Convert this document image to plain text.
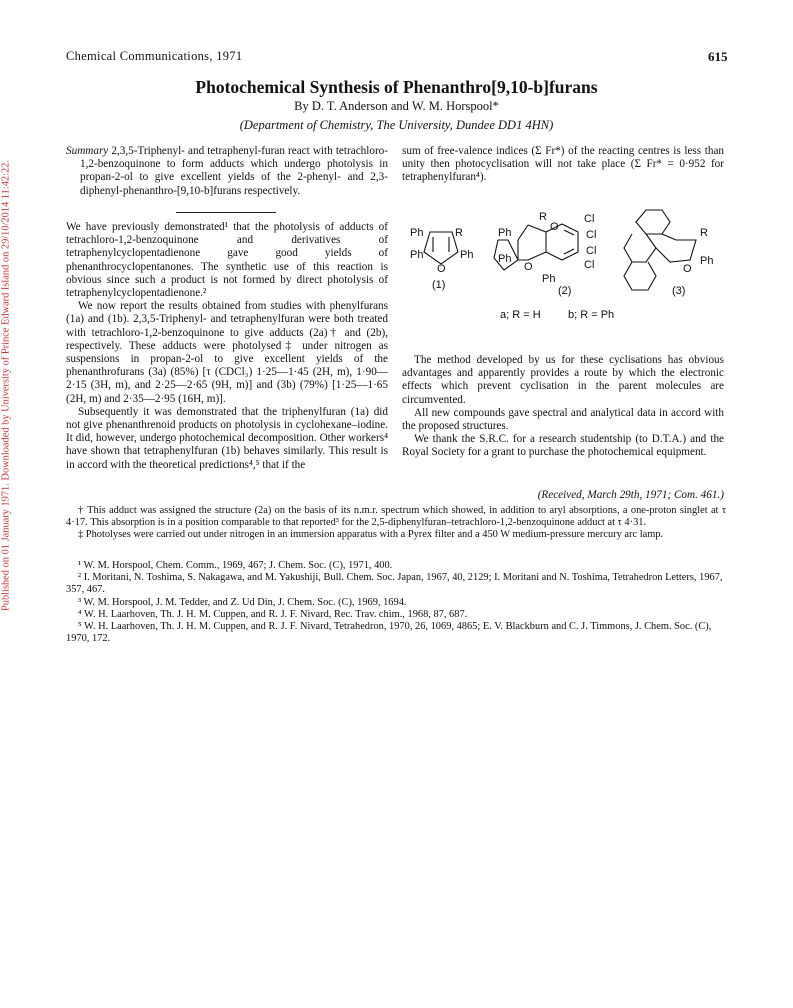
Published on 01 January 1971. Downloaded by University of Prince Edward Island on 29/10/2014 11:42:22.
Chemical Communications, 1971	615
Photochemical Synthesis of Phenanthro[9,10-b]furans
By D. T. Anderson and W. M. Horspool*
(Department of Chemistry, The University, Dundee DD1 4HN)

Summary 2,3,5-Triphenyl- and tetraphenyl-furan react with tetrachloro-1,2-benzoquinone to form adducts which undergo photolysis in propan-2-ol to give excellent yields of the 2-phenyl- and 2,3-diphenyl-phenanthro-[9,10-b]furans respectively.

We have previously demonstrated¹ that the photolysis of adducts of tetrachloro-1,2-benzoquinone and derivatives of tetraphenylcyclopentadienone gave good yields of phenanthrocyclopentanones. The synthetic use of this reaction is obvious since such a product is not formed by direct photolysis of tetraphenylcyclopentadienone.²

We now report the results obtained from studies with phenylfurans (1a) and (1b). 2,3,5-Triphenyl- and tetraphenylfuran were both treated with tetrachloro-1,2-benzoquinone to give adducts (2a)† and (2b), respectively. These adducts were photolysed‡ under nitrogen as suspensions in propan-2-ol to give excellent yields of the phenanthrofurans (3a) (85%) [τ (CDCl₃) 1·25—1·45 (2H, m), 1·90—2·15 (3H, m), and 2·25—2·65 (9H, m)] and (3b) (79%) [1·25—1·65 (2H, m) and 2·35—2·95 (16H, m)].

Subsequently it was demonstrated that the triphenylfuran (1a) did not give phenanthrenoid products on photolysis in cyclohexane–iodine. It did, however, undergo photochemical decomposition. Other workers⁴ have shown that tetraphenylfuran (1b) behaves similarly. This result is in accord with the theoretical predictions⁴,⁵ that if the

sum of free-valence indices (Σ Fr*) of the reacting centres is less than unity then photocyclisation will not take place (Σ Fr* = 0·952 for tetraphenylfuran⁴).

Ph	R
Ph
O
Ph
(1)
Ph
R
O
Ph
O
Ph
Cl
Cl
Cl
Cl
(2)
R
O
Ph
(3)
a; R = H b; R = Ph

The method developed by us for these cyclisations has obvious advantages and apparently provides a route by which the electronic effects which prevent cyclisation in the parent molecules are circumvented.

All new compounds gave spectral and analytical data in accord with the proposed structures.

We thank the S.R.C. for a research studentship (to D.T.A.) and the Royal Society for a grant to purchase the photochemical equipment.

(Received, March 29th, 1971; Com. 461.)

† This adduct was assigned the structure (2a) on the basis of its n.m.r. spectrum which showed, in addition to aryl absorptions, a one-proton singlet at τ 4·17. This absorption is in a position comparable to that reported³ for the 2,5-diphenylfuran–tetrachloro-1,2-benzoquinone adduct at τ 4·31.

‡ Photolyses were carried out under nitrogen in an immersion apparatus with a Pyrex filter and a 450 W medium-pressure mercury arc lamp.

¹ W. M. Horspool, Chem. Comm., 1969, 467; J. Chem. Soc. (C), 1971, 400.

² I. Moritani, N. Toshima, S. Nakagawa, and M. Yakushiji, Bull. Chem. Soc. Japan, 1967, 40, 2129; I. Moritani and N. Toshima, Tetrahedron Letters, 1967, 357, 467.

³ W. M. Horspool, J. M. Tedder, and Z. Ud Din, J. Chem. Soc. (C), 1969, 1694.

⁴ W. H. Laarhoven, Th. J. H. M. Cuppen, and R. J. F. Nivard, Rec. Trav. chim., 1968, 87, 687.

⁵ W. H. Laarhoven, Th. J. H. M. Cuppen, and R. J. F. Nivard, Tetrahedron, 1970, 26, 1069, 4865; E. V. Blackburn and C. J. Timmons, J. Chem. Soc. (C), 1970, 172.
